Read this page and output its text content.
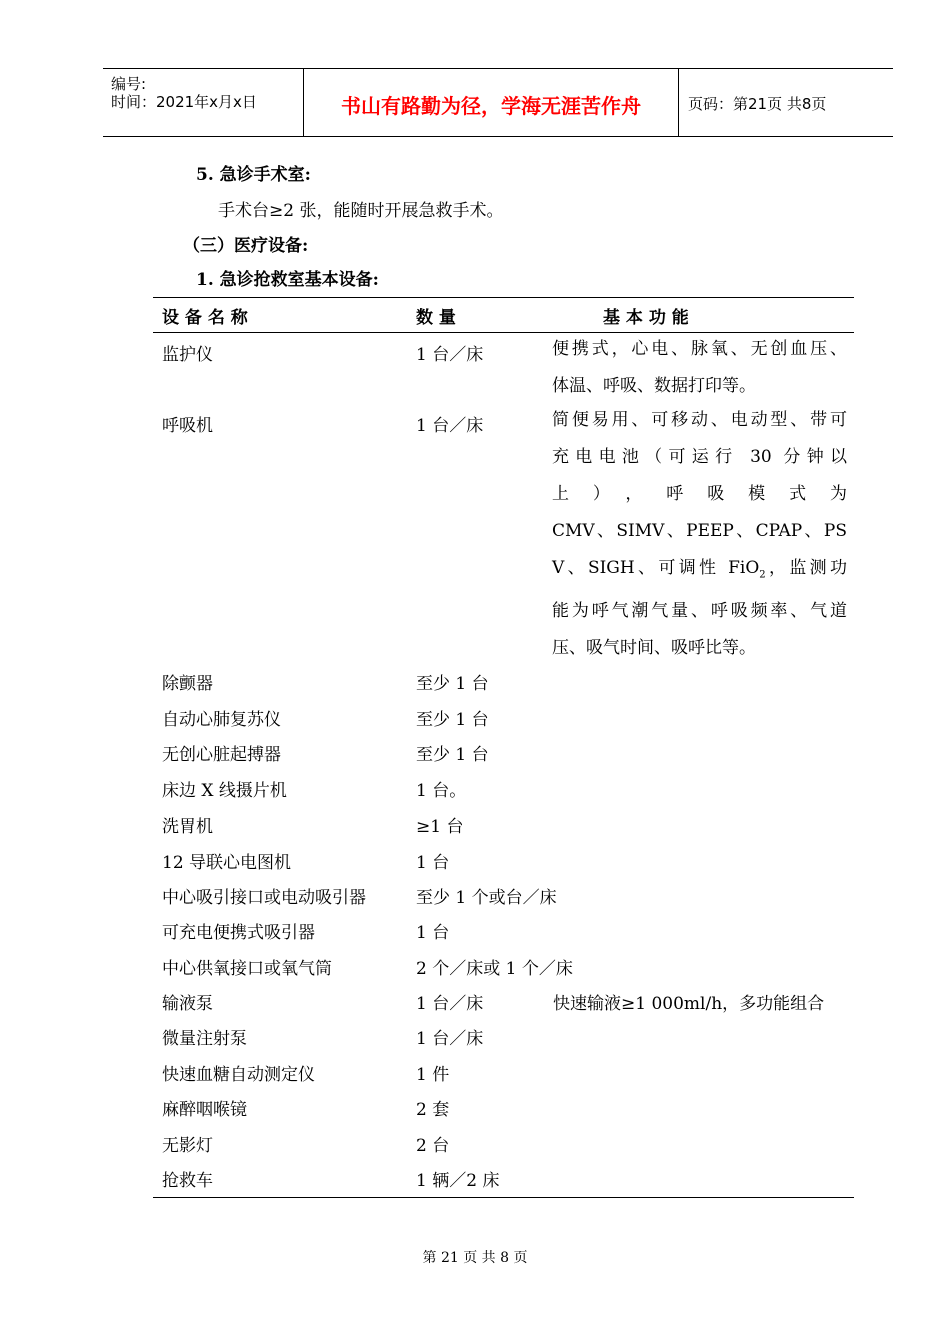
编号:
时间：2021年x月x日	书山有路勤为径，学海无涯苦作舟	页码：第21页 共8页
5. 急诊手术室:
手术台≥2 张，能随时开展急救手术。
（三）医疗设备:
1. 急诊抢救室基本设备:
设 备 名 称	数 量	基 本 功 能
监护仪	1 台／床	便携式，心电、脉氧、无创血压、
体温、呼吸、数据打印等。
呼吸机	1 台／床	简便易用、可移动、电动型、带可
充电电池（可运行 30 分钟以
上），呼吸模式为
CMV、SIMV、PEEP、CPAP、PS
V、SIGH、可调性 FiO$_2$，监测功
能为呼气潮气量、呼吸频率、气道
压、吸气时间、吸呼比等。
除颤器	至少 1 台
自动心肺复苏仪	至少 1 台
无创心脏起搏器	至少 1 台
床边 X 线摄片机	1 台。
洗胃机	≥1 台
12 导联心电图机	1 台
中心吸引接口或电动吸引器	至少 1 个或台／床
可充电便携式吸引器	1 台
中心供氧接口或氧气筒	2 个／床或 1 个／床
输液泵	1 台／床	快速输液≥1 000ml/h，多功能组合
微量注射泵	1 台／床
快速血糖自动测定仪	1 件
麻醉咽喉镜	2 套
无影灯	2 台
抢救车	1 辆／2 床
第 21 页 共 8 页
